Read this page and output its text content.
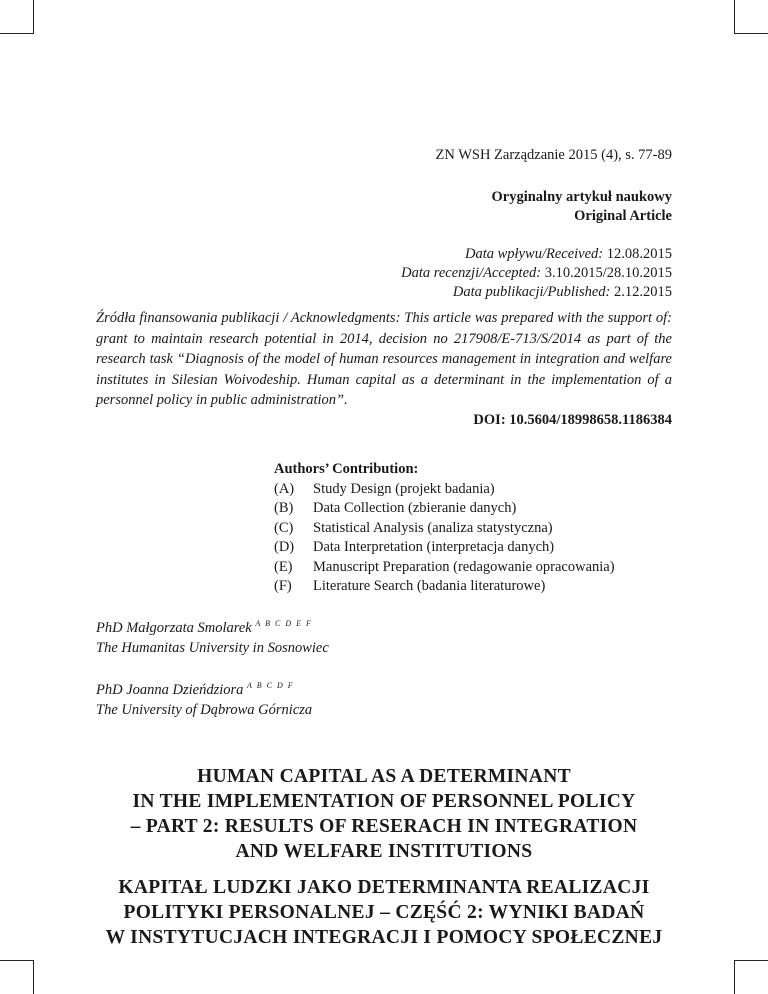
ZN WSH Zarządzanie 2015 (4), s. 77-89
Oryginalny artykuł naukowy
Original Article
Data wpływu/Received: 12.08.2015
Data recenzji/Accepted: 3.10.2015/28.10.2015
Data publikacji/Published: 2.12.2015
Źródła finansowania publikacji / Acknowledgments: This article was prepared with the support of: grant to maintain research potential in 2014, decision no 217908/E-713/S/2014 as part of the research task “Diagnosis of the model of human resources management in integration and welfare institutes in Silesian Woivodeship. Human capital as a determinant in the implementation of a personnel policy in public administration”.
DOI: 10.5604/18998658.1186384
Authors’ Contribution:
(A)	Study Design (projekt badania)
(B)	Data Collection (zbieranie danych)
(C)	Statistical Analysis (analiza statystyczna)
(D)	Data Interpretation (interpretacja danych)
(E)	Manuscript Preparation (redagowanie opracowania)
(F)	Literature Search (badania literaturowe)
PhD Małgorzata Smolarek $^{A B C D E F}$
The Humanitas University in Sosnowiec
PhD Joanna Dzieńdziora $^{A B C D F}$
The University of Dąbrowa Górnicza
HUMAN CAPITAL AS A DETERMINANT
IN THE IMPLEMENTATION OF PERSONNEL POLICY
– PART 2: RESULTS OF RESERACH IN INTEGRATION
AND WELFARE INSTITUTIONS
KAPITAŁ LUDZKI JAKO DETERMINANTA REALIZACJI
POLITYKI PERSONALNEJ – CZĘŚĆ 2: WYNIKI BADAŃ
W INSTYTUCJACH INTEGRACJI I POMOCY SPOŁECZNEJ
